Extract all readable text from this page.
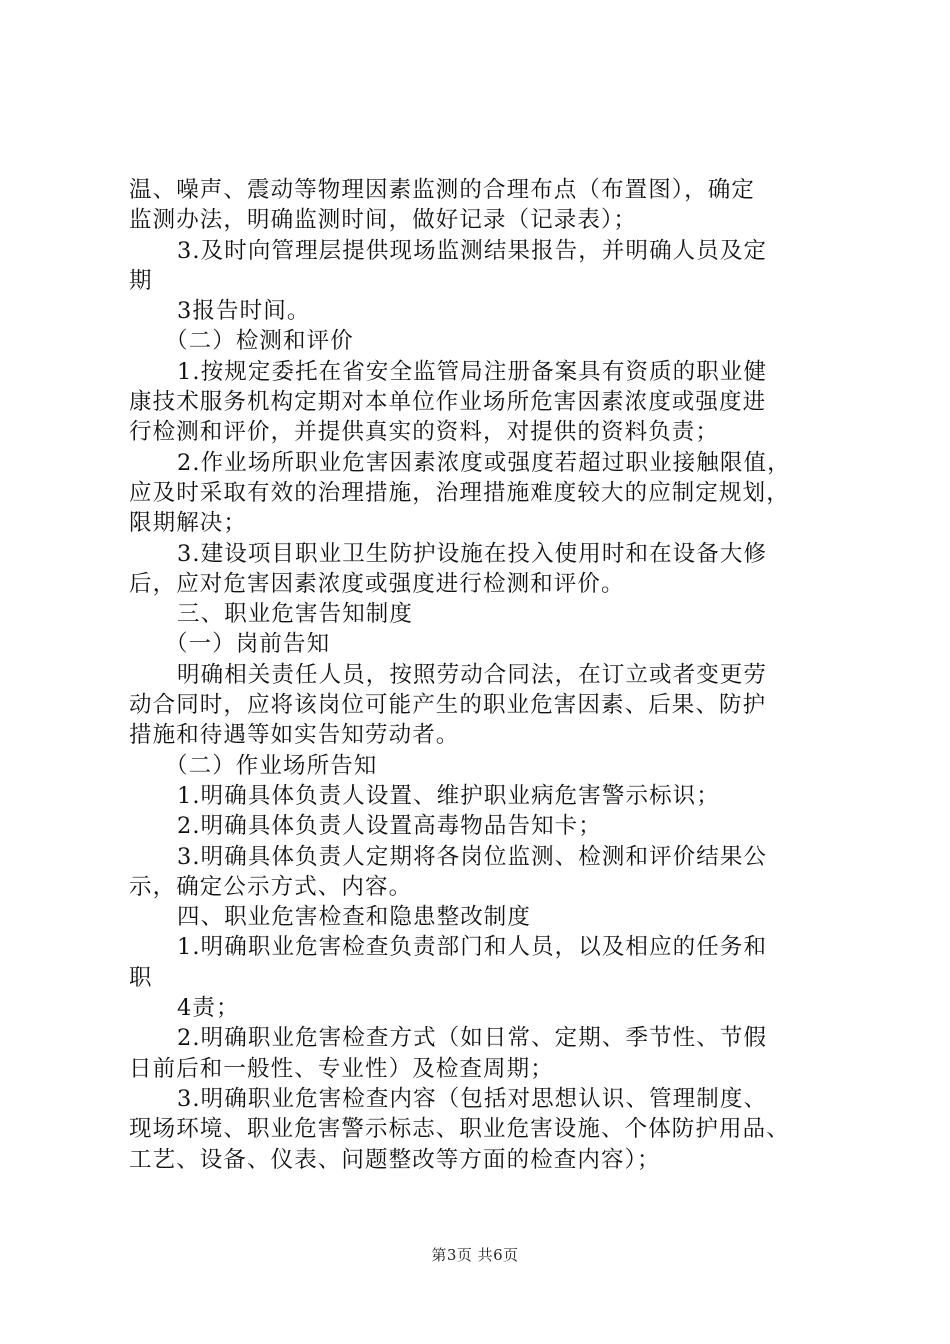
温、噪声、震动等物理因素监测的合理布点（布置图），确定
监测办法，明确监测时间，做好记录（记录表）；
3.及时向管理层提供现场监测结果报告，并明确人员及定
期
3报告时间。
（二）检测和评价
1.按规定委托在省安全监管局注册备案具有资质的职业健
康技术服务机构定期对本单位作业场所危害因素浓度或强度进
行检测和评价，并提供真实的资料，对提供的资料负责；
2.作业场所职业危害因素浓度或强度若超过职业接触限值，
应及时采取有效的治理措施，治理措施难度较大的应制定规划，
限期解决；
3.建设项目职业卫生防护设施在投入使用时和在设备大修
后，应对危害因素浓度或强度进行检测和评价。
三、职业危害告知制度
（一）岗前告知
明确相关责任人员，按照劳动合同法，在订立或者变更劳
动合同时，应将该岗位可能产生的职业危害因素、后果、防护
措施和待遇等如实告知劳动者。
（二）作业场所告知
1.明确具体负责人设置、维护职业病危害警示标识；
2.明确具体负责人设置高毒物品告知卡；
3.明确具体负责人定期将各岗位监测、检测和评价结果公
示，确定公示方式、内容。
四、职业危害检查和隐患整改制度
1.明确职业危害检查负责部门和人员，以及相应的任务和
职
4责；
2.明确职业危害检查方式（如日常、定期、季节性、节假
日前后和一般性、专业性）及检查周期；
3.明确职业危害检查内容（包括对思想认识、管理制度、
现场环境、职业危害警示标志、职业危害设施、个体防护用品、
工艺、设备、仪表、问题整改等方面的检查内容）；
第3页 共6页
